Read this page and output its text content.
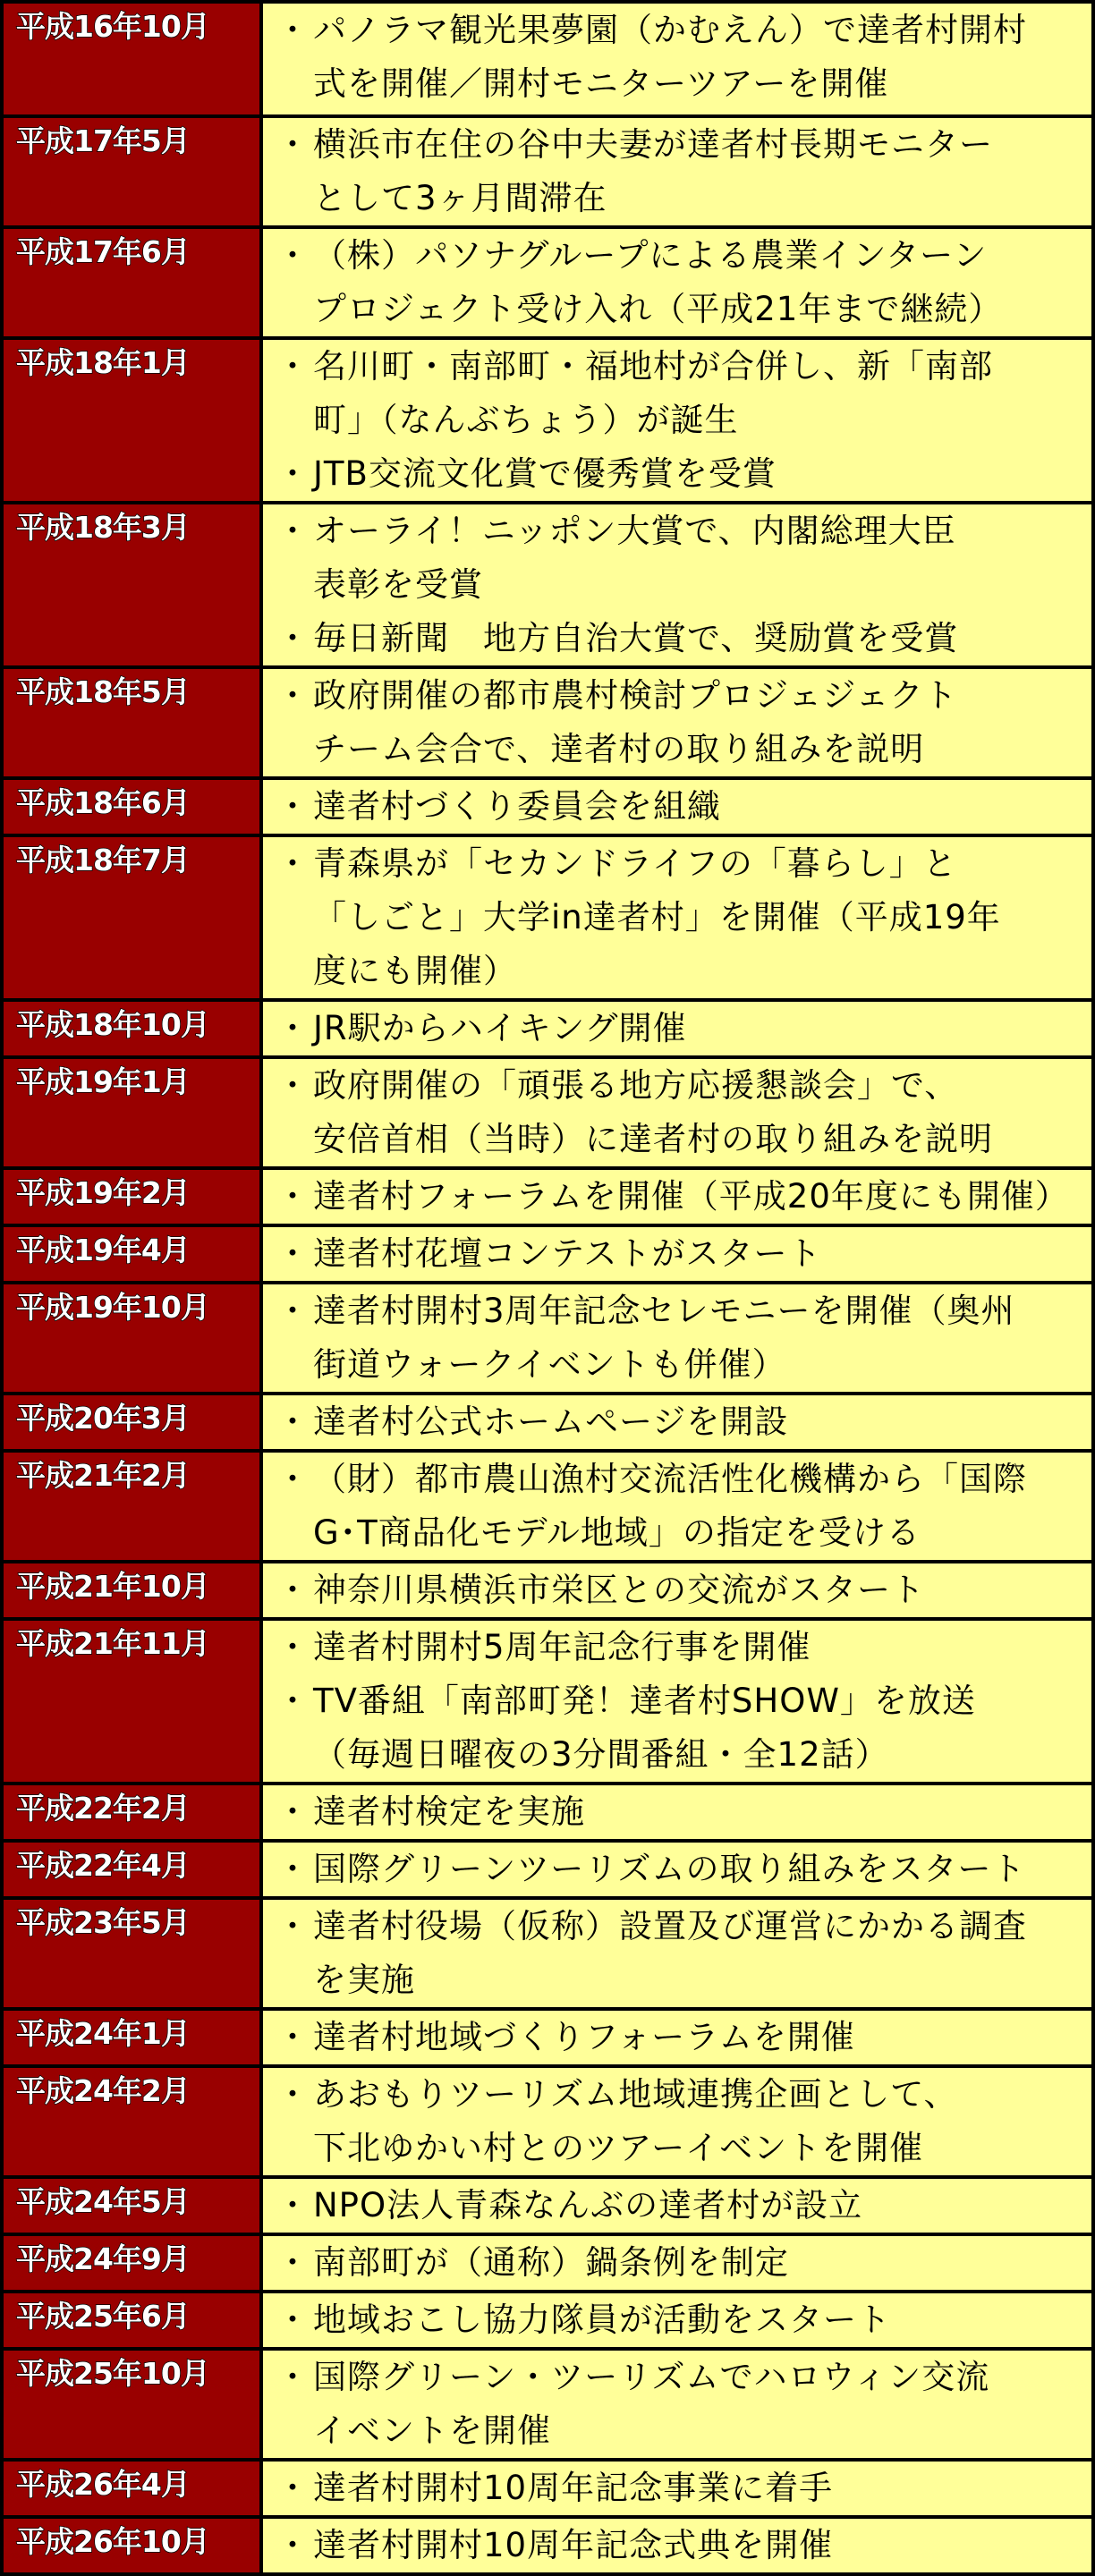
平成16年10月	・ パノラマ観光果夢園（かむえん）で達者村開村
式を開催／開村モニターツアーを開催

平成17年5月	・ 横浜市在住の谷中夫妻が達者村長期モニター
として3ヶ月間滞在

平成17年6月	・ （株）パソナグループによる農業インターン
プロジェクト受け入れ（平成21年まで継続）

平成18年1月	・ 名川町・南部町・福地村が合併し、新「南部
町」（なんぶちょう）が誕生
・ JTB交流文化賞で優秀賞を受賞

平成18年3月	・ オーライ！ニッポン大賞で、内閣総理大臣
表彰を受賞
・ 毎日新聞　地方自治大賞で、奨励賞を受賞

平成18年5月	・ 政府開催の都市農村検討プロジェジェクト
チーム会合で、達者村の取り組みを説明

平成18年6月	・ 達者村づくり委員会を組織

平成18年7月	・ 青森県が「セカンドライフの「暮らし」と
「しごと」大学in達者村」を開催（平成19年
度にも開催）

平成18年10月	・ JR駅からハイキング開催

平成19年1月	・ 政府開催の「頑張る地方応援懇談会」で、
安倍首相（当時）に達者村の取り組みを説明

平成19年2月	・ 達者村フォーラムを開催（平成20年度にも開催）

平成19年4月	・ 達者村花壇コンテストがスタート

平成19年10月	・ 達者村開村3周年記念セレモニーを開催（奥州
街道ウォークイベントも併催）

平成20年3月	・ 達者村公式ホームページを開設

平成21年2月	・ （財）都市農山漁村交流活性化機構から「国際
G･T商品化モデル地域」の指定を受ける

平成21年10月	・ 神奈川県横浜市栄区との交流がスタート

平成21年11月	・ 達者村開村5周年記念行事を開催
・ TV番組「南部町発！達者村SHOW」を放送
（毎週日曜夜の3分間番組・全12話）

平成22年2月	・ 達者村検定を実施

平成22年4月	・ 国際グリーンツーリズムの取り組みをスタート

平成23年5月	・ 達者村役場（仮称）設置及び運営にかかる調査
を実施

平成24年1月	・ 達者村地域づくりフォーラムを開催

平成24年2月	・ あおもりツーリズム地域連携企画として、
下北ゆかい村とのツアーイベントを開催

平成24年5月	・ NPO法人青森なんぶの達者村が設立

平成24年9月	・ 南部町が（通称）鍋条例を制定

平成25年6月	・ 地域おこし協力隊員が活動をスタート

平成25年10月	・ 国際グリーン・ツーリズムでハロウィン交流
イベントを開催

平成26年4月	・ 達者村開村10周年記念事業に着手

平成26年10月	・ 達者村開村10周年記念式典を開催
